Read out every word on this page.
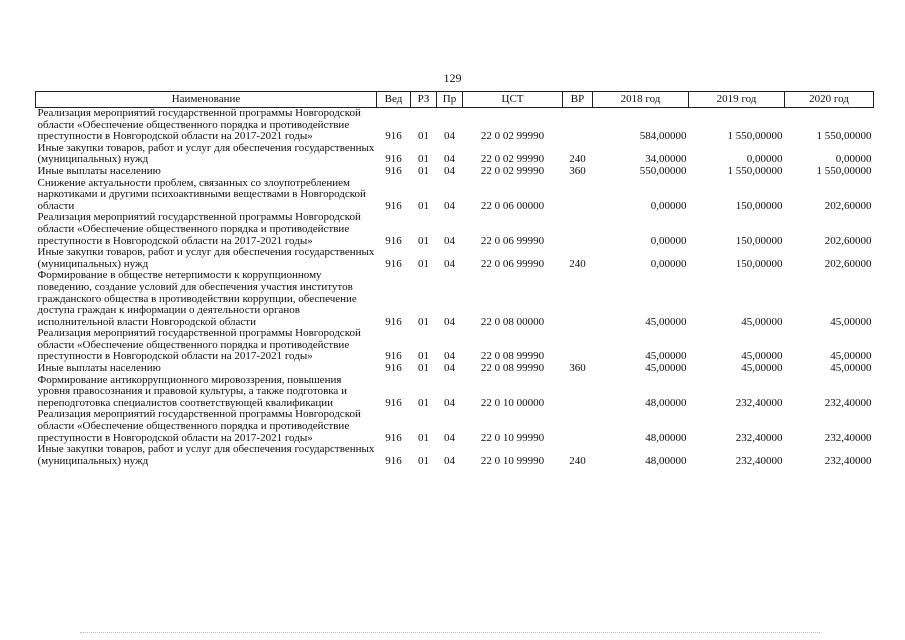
129
Наименование	Вед	РЗ	Пр	ЦСТ	ВР	2018 год	2019 год	2020 год
Реализация мероприятий государственной программы Новгородской области «Обеспечение общественного порядка и противодействие преступности в Новгородской области на 2017-2021 годы»	916	01	04	22 0 02 99990		584,00000	1 550,00000	1 550,00000
Иные закупки товаров, работ и услуг для обеспечения государственных (муниципальных) нужд	916	01	04	22 0 02 99990	240	34,00000	0,00000	0,00000
Иные выплаты населению	916	01	04	22 0 02 99990	360	550,00000	1 550,00000	1 550,00000
Снижение актуальности проблем, связанных со злоупотреблением наркотиками и другими психоактивными веществами в Новгородской области	916	01	04	22 0 06 00000		0,00000	150,00000	202,60000
Реализация мероприятий государственной программы Новгородской области «Обеспечение общественного порядка и противодействие преступности в Новгородской области на 2017-2021 годы»	916	01	04	22 0 06 99990		0,00000	150,00000	202,60000
Иные закупки товаров, работ и услуг для обеспечения государственных (муниципальных) нужд	916	01	04	22 0 06 99990	240	0,00000	150,00000	202,60000
Формирование в обществе нетерпимости к коррупционному поведению, создание условий для обеспечения участия институтов гражданского общества в противодействии коррупции, обеспечение доступа граждан к информации о деятельности органов исполнительной власти Новгородской области	916	01	04	22 0 08 00000		45,00000	45,00000	45,00000
Реализация мероприятий государственной программы Новгородской области «Обеспечение общественного порядка и противодействие преступности в Новгородской области на 2017-2021 годы»	916	01	04	22 0 08 99990		45,00000	45,00000	45,00000
Иные выплаты населению	916	01	04	22 0 08 99990	360	45,00000	45,00000	45,00000
Формирование антикоррупционного мировоззрения, повышения уровня правосознания и правовой культуры, а также подготовка и переподготовка специалистов соответствующей квалификации	916	01	04	22 0 10 00000		48,00000	232,40000	232,40000
Реализация мероприятий государственной программы Новгородской области «Обеспечение общественного порядка и противодействие преступности в Новгородской области на 2017-2021 годы»	916	01	04	22 0 10 99990		48,00000	232,40000	232,40000
Иные закупки товаров, работ и услуг для обеспечения государственных (муниципальных) нужд	916	01	04	22 0 10 99990	240	48,00000	232,40000	232,40000
